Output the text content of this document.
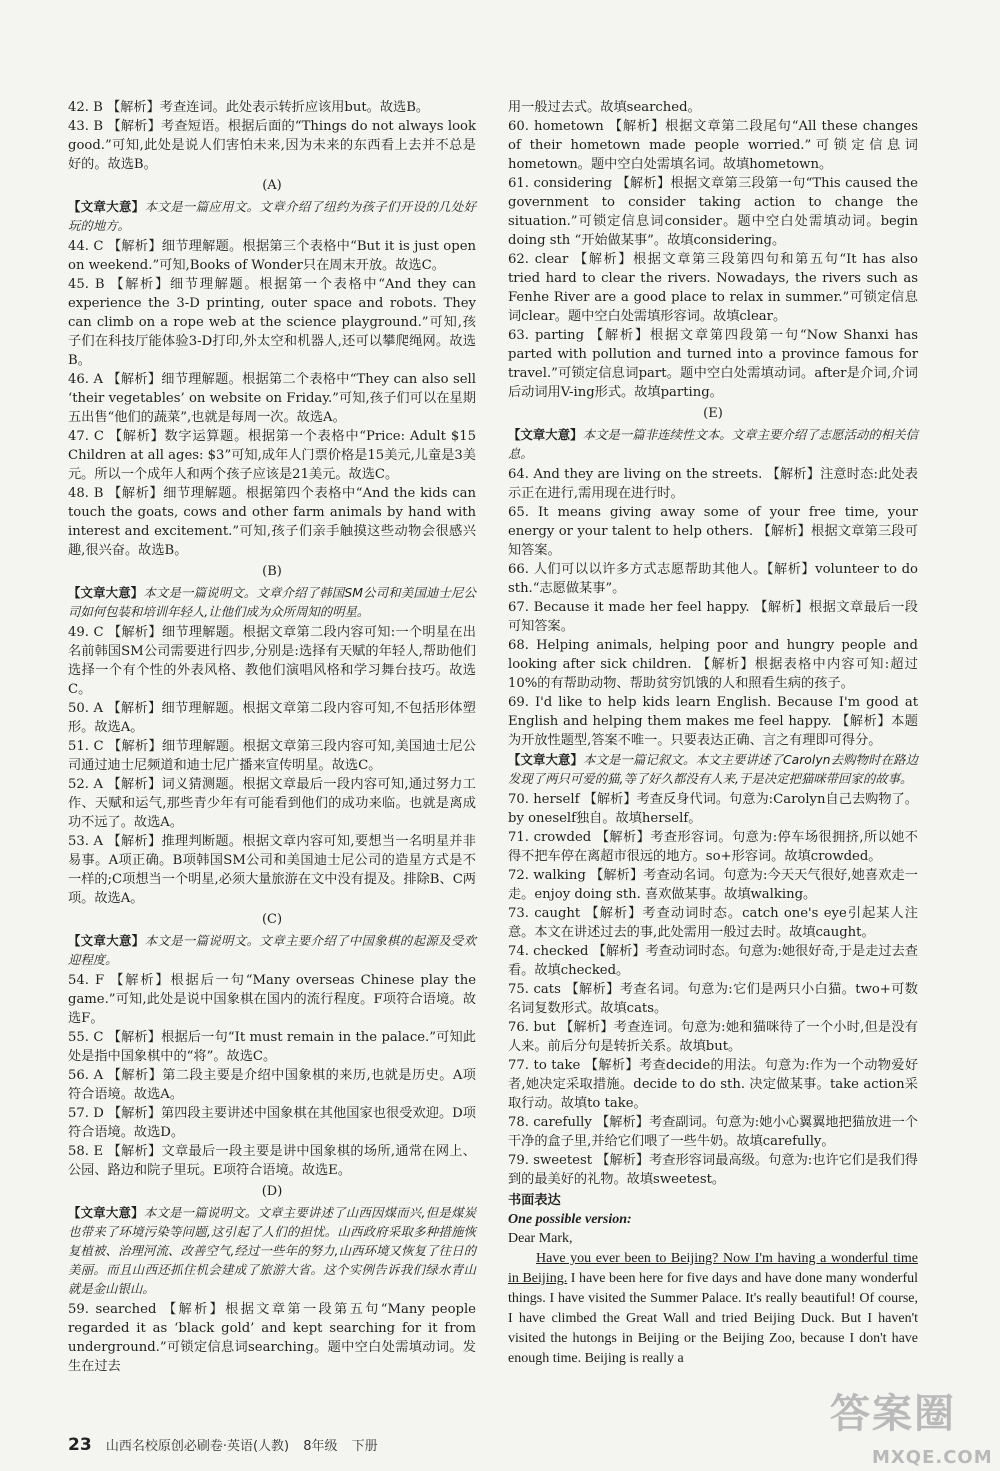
42. B 【解析】考查连词。此处表示转折应该用but。故选B。
43. B 【解析】考查短语。根据后面的“Things do not always look good.”可知,此处是说人们害怕未来,因为未来的东西看上去并不总是好的。故选B。
(A)
【文章大意】本文是一篇应用文。文章介绍了纽约为孩子们开设的几处好玩的地方。
44. C 【解析】细节理解题。根据第三个表格中“But it is just open on weekend.”可知,Books of Wonder只在周末开放。故选C。
45. B 【解析】细节理解题。根据第一个表格中“And they can experience the 3-D printing, outer space and robots. They can climb on a rope web at the science playground.”可知,孩子们在科技厅能体验3-D打印,外太空和机器人,还可以攀爬绳网。故选B。
46. A 【解析】细节理解题。根据第二个表格中“They can also sell ‘their vegetables’ on website on Friday.”可知,孩子们可以在星期五出售“他们的蔬菜”,也就是每周一次。故选A。
47. C 【解析】数字运算题。根据第一个表格中“Price: Adult $15 Children at all ages: $3”可知,成年人门票价格是15美元,儿童是3美元。所以一个成年人和两个孩子应该是21美元。故选C。
48. B 【解析】细节理解题。根据第四个表格中“And the kids can touch the goats, cows and other farm animals by hand with interest and excitement.”可知,孩子们亲手触摸这些动物会很感兴趣,很兴奋。故选B。
(B)
【文章大意】本文是一篇说明文。文章介绍了韩国SM公司和美国迪士尼公司如何包装和培训年轻人,让他们成为众所周知的明星。
49. C 【解析】细节理解题。根据文章第二段内容可知:一个明星在出名前韩国SM公司需要进行四步,分别是:选择有天赋的年轻人,帮助他们选择一个有个性的外表风格、教他们演唱风格和学习舞台技巧。故选C。
50. A 【解析】细节理解题。根据文章第二段内容可知,不包括形体塑形。故选A。
51. C 【解析】细节理解题。根据文章第三段内容可知,美国迪士尼公司通过迪士尼频道和迪士尼广播来宣传明星。故选C。
52. A 【解析】词义猜测题。根据文章最后一段内容可知,通过努力工作、天赋和运气,那些青少年有可能看到他们的成功来临。也就是离成功不远了。故选A。
53. A 【解析】推理判断题。根据文章内容可知,要想当一名明星并非易事。A项正确。B项韩国SM公司和美国迪士尼公司的造星方式是不一样的;C项想当一个明星,必须大量旅游在文中没有提及。排除B、C两项。故选A。
(C)
【文章大意】本文是一篇说明文。文章主要介绍了中国象棋的起源及受欢迎程度。
54. F 【解析】根据后一句“Many overseas Chinese play the game.”可知,此处是说中国象棋在国内的流行程度。F项符合语境。故选F。
55. C 【解析】根据后一句“It must remain in the palace.”可知此处是指中国象棋中的“将”。故选C。
56. A 【解析】第二段主要是介绍中国象棋的来历,也就是历史。A项符合语境。故选A。
57. D 【解析】第四段主要讲述中国象棋在其他国家也很受欢迎。D项符合语境。故选D。
58. E 【解析】文章最后一段主要是讲中国象棋的场所,通常在网上、公园、路边和院子里玩。E项符合语境。故选E。
(D)
【文章大意】本文是一篇说明文。文章主要讲述了山西因煤而兴,但是煤炭也带来了环境污染等问题,这引起了人们的担忧。山西政府采取多种措施恢复植被、治理河流、改善空气,经过一些年的努力,山西环境又恢复了往日的美丽。而且山西还抓住机会建成了旅游大省。这个实例告诉我们绿水青山就是金山银山。
59. searched 【解析】根据文章第一段第五句“Many people regarded it as ‘black gold’ and kept searching for it from underground.”可锁定信息词searching。题中空白处需填动词。发生在过去
用一般过去式。故填searched。
60. hometown 【解析】根据文章第二段尾句“All these changes of their hometown made people worried.”可锁定信息词hometown。题中空白处需填名词。故填hometown。
61. considering 【解析】根据文章第三段第一句“This caused the government to consider taking action to change the situation.”可锁定信息词consider。题中空白处需填动词。begin doing sth “开始做某事”。故填considering。
62. clear 【解析】根据文章第三段第四句和第五句“It has also tried hard to clear the rivers. Nowadays, the rivers such as Fenhe River are a good place to relax in summer.”可锁定信息词clear。题中空白处需填形容词。故填clear。
63. parting 【解析】根据文章第四段第一句“Now Shanxi has parted with pollution and turned into a province famous for travel.”可锁定信息词part。题中空白处需填动词。after是介词,介词后动词用V-ing形式。故填parting。
(E)
【文章大意】本文是一篇非连续性文本。文章主要介绍了志愿活动的相关信息。
64. And they are living on the streets. 【解析】注意时态:此处表示正在进行,需用现在进行时。
65. It means giving away some of your free time, your energy or your talent to help others. 【解析】根据文章第三段可知答案。
66. 人们可以以许多方式志愿帮助其他人。【解析】volunteer to do sth.“志愿做某事”。
67. Because it made her feel happy. 【解析】根据文章最后一段可知答案。
68. Helping animals, helping poor and hungry people and looking after sick children. 【解析】根据表格中内容可知:超过10%的有帮助动物、帮助贫穷饥饿的人和照看生病的孩子。
69. I'd like to help kids learn English. Because I'm good at English and helping them makes me feel happy. 【解析】本题为开放性题型,答案不唯一。只要表达正确、言之有理即可得分。
【文章大意】本文是一篇记叙文。本文主要讲述了Carolyn去购物时在路边发现了两只可爱的猫,等了好久都没有人来,于是决定把猫咪带回家的故事。
70. herself 【解析】考查反身代词。句意为:Carolyn自己去购物了。by oneself独自。故填herself。
71. crowded 【解析】考查形容词。句意为:停车场很拥挤,所以她不得不把车停在离超市很远的地方。so+形容词。故填crowded。
72. walking 【解析】考查动名词。句意为:今天天气很好,她喜欢走一走。enjoy doing sth. 喜欢做某事。故填walking。
73. caught 【解析】考查动词时态。catch one's eye引起某人注意。本文在讲述过去的事,此处需用一般过去时。故填caught。
74. checked 【解析】考查动词时态。句意为:她很好奇,于是走过去查看。故填checked。
75. cats 【解析】考查名词。句意为:它们是两只小白猫。two+可数名词复数形式。故填cats。
76. but 【解析】考查连词。句意为:她和猫咪待了一个小时,但是没有人来。前后分句是转折关系。故填but。
77. to take 【解析】考查decide的用法。句意为:作为一个动物爱好者,她决定采取措施。decide to do sth. 决定做某事。take action采取行动。故填to take。
78. carefully 【解析】考查副词。句意为:她小心翼翼地把猫放进一个干净的盒子里,并给它们喂了一些牛奶。故填carefully。
79. sweetest 【解析】考查形容词最高级。句意为:也许它们是我们得到的最美好的礼物。故填sweetest。
书面表达
One possible version:
Dear Mark,
Have you ever been to Beijing? Now I'm having a wonderful time in Beijing. I have been here for five days and have done many wonderful things. I have visited the Summer Palace. It's really beautiful! Of course, I have climbed the Great Wall and tried Beijing Duck. But I haven't visited the hutongs in Beijing or the Beijing Zoo, because I don't have enough time. Beijing is really a
23 山西名校原创必刷卷·英语(人教) 8年级 下册
答案圈
MXQE.COM
